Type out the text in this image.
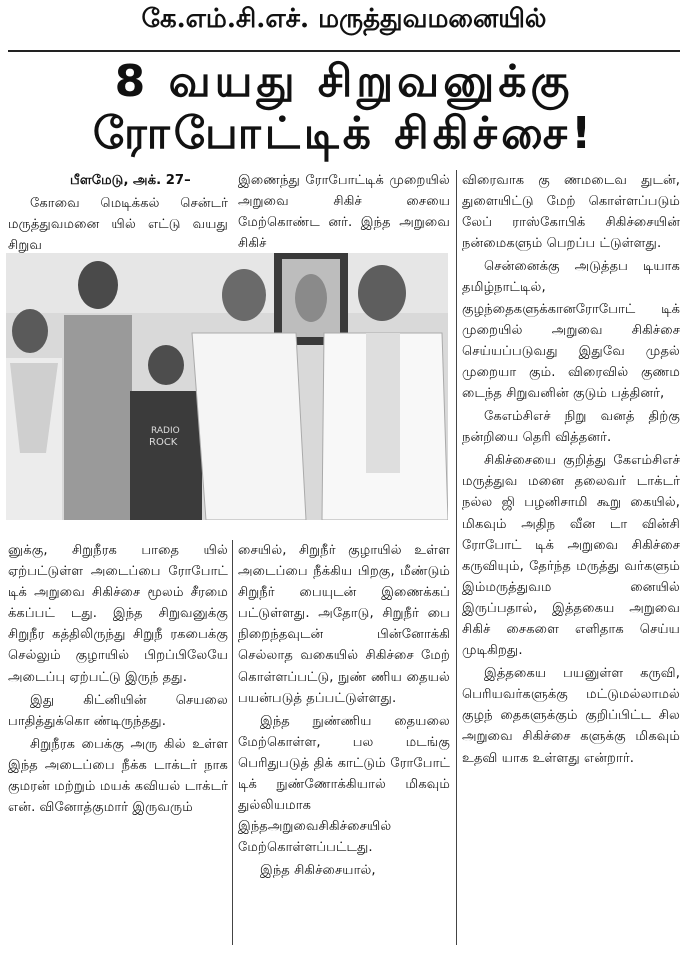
கே.எம்.சி.எச். மருத்துவமனையில்
8 வயது சிறுவனுக்கு
ரோபோட்டிக் சிகிச்சை!

பீளமேடு, அக். 27–

கோவை மெடிக்கல் சென்டர் மருத்துவமனை யில் எட்டு வயது சிறுவ

இணைந்து ரோபோட்டிக் முறையில் அறுவை சிகிச் சையை மேற்கொண்ட னர். இந்த அறுவை சிகிச்

RADIO
ROCK

னுக்கு, சிறுநீரக பாதை யில் ஏற்பட்டுள்ள அடைப்பை ரோபோட் டிக் அறுவை சிகிச்சை மூலம் சீரமை க்கப்பட் டது. இந்த சிறுவனுக்கு சிறுநீர கத்திலிருந்து சிறுநீ ரகபைக்கு செல்லும் குழாயில் பிறப்பிலேயே அடைப்பு ஏற்பட்டு இருந் தது.

இது கிட்னியின் செயலை பாதித்துக்கொ ண்டிருந்தது.

சிறுநீரக பைக்கு அரு கில் உள்ள இந்த அடைப்பை நீக்க டாக்டர் நாக குமரன் மற்றும் மயக் கவியல் டாக்டர் என். வினோத்குமார் இருவரும்

சையில், சிறுநீர் குழாயில் உள்ள அடைப்பை நீக்கிய பிறகு, மீண்டும் சிறுநீர் பையுடன் இணைக்கப் பட்டுள்ளது. அதோடு, சிறுநீர் பை நிறைந்தவுடன் பின்னோக்கி செல்லாத வகையில் சிகிச்சை மேற் கொள்ளப்பட்டு, நுண் ணிய தையல் பயன்படுத் தப்பட்டுள்ளது.

இந்த நுண்ணிய தையலை மேற்கொள்ள, பல மடங்கு பெரிதுபடுத் திக் காட்டும் ரோபோட் டிக் நுண்ணோக்கியால் மிகவும் துல்லியமாக இந்தஅறுவைசிகிச்சையில் மேற்கொள்ளப்பட்டது.

இந்த சிகிச்சையால்,

விரைவாக கு ணமடைவ துடன், துளையிட்டு மேற் கொள்ளப்படும் லேப் ராஸ்கோபிக் சிகிச்சையின் நன்மைகளும் பெறப்ப ட்டுள்ளது.

சென்னைக்கு அடுத்தப டியாக தமிழ்நாட்டில், குழந்தைகளுக்கானரோபோட் டிக் முறையில் அறுவை சிகிச்சை செய்யப்படுவது இதுவே முதல் முறையா கும். விரைவில் குணம டைந்த சிறுவனின் குடும் பத்தினர்,

கேஎம்சிஎச் நிறு வனத் திற்கு நன்றியை தெரி வித்தனர்.

சிகிச்சையை குறித்து கேஎம்சிஎச் மருத்துவ மனை தலைவர் டாக்டர் நல்ல ஜி பழனிசாமி கூறு கையில், மிகவும் அதிந வீன டா வின்சி ரோபோட் டிக் அறுவை சிகிச்சை கருவியும், தேர்ந்த மருத்து வர்களும் இம்மருத்துவம னையில் இருப்பதால், இத்தகைய அறுவை சிகிச் சைகளை எளிதாக செய்ய முடிகிறது.

இத்தகைய பயனுள்ள கருவி, பெரியவர்களுக்கு மட்டுமல்லாமல் குழந் தைகளுக்கும் குறிப்பிட்ட சில அறுவை சிகிச்சை களுக்கு மிகவும் உதவி யாக உள்ளது என்றார்.
